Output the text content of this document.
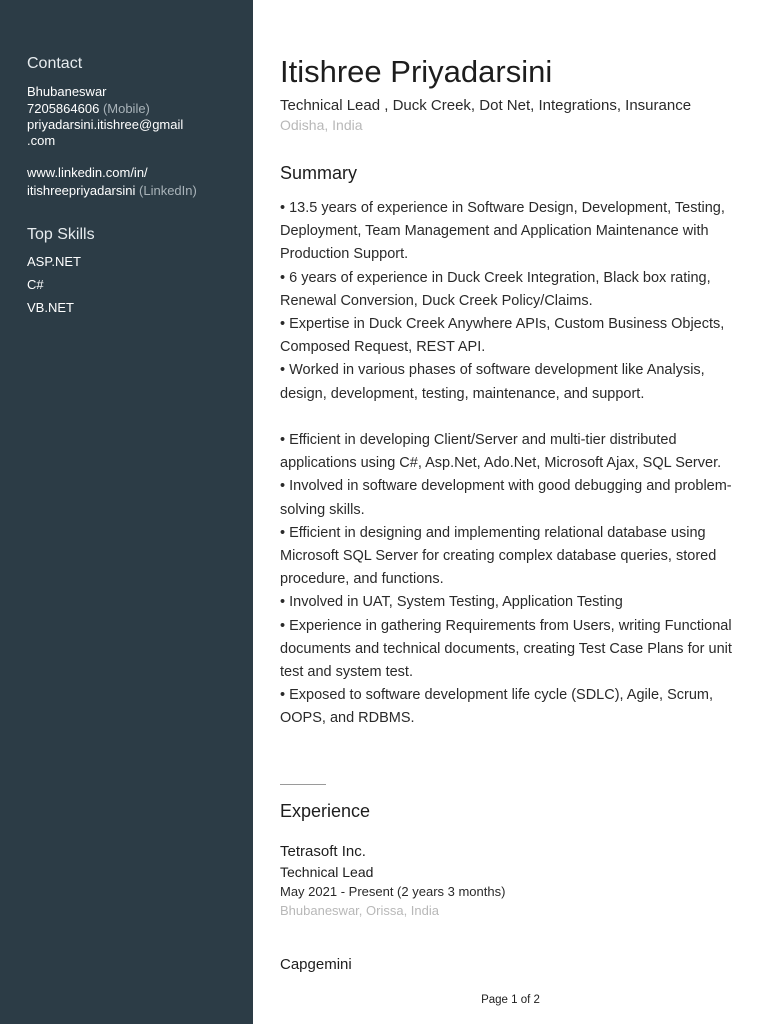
Contact
Bhubaneswar
7205864606 (Mobile)
priyadarsini.itishree@gmail
.com
www.linkedin.com/in/
itishreepriyadarsini (LinkedIn)
Top Skills
ASP.NET
C#
VB.NET
Itishree Priyadarsini
Technical Lead , Duck Creek, Dot Net, Integrations, Insurance
Odisha, India
Summary

• 13.5 years of experience in Software Design, Development, Testing, Deployment, Team Management and Application Maintenance with Production Support.

• 6 years of experience in Duck Creek Integration, Black box rating, Renewal Conversion, Duck Creek Policy/Claims.

• Expertise in Duck Creek Anywhere APIs, Custom Business Objects, Composed Request, REST API.

• Worked in various phases of software development like Analysis, design, development, testing, maintenance, and support.

• Efficient in developing Client/Server and multi-tier distributed applications using C#, Asp.Net, Ado.Net, Microsoft Ajax, SQL Server.

• Involved in software development with good debugging and problem-solving skills.

• Efficient in designing and implementing relational database using Microsoft SQL Server for creating complex database queries, stored procedure, and functions.

• Involved in UAT, System Testing, Application Testing

• Experience in gathering Requirements from Users, writing Functional documents and technical documents, creating Test Case Plans for unit test and system test.

• Exposed to software development life cycle (SDLC), Agile, Scrum, OOPS, and RDBMS.

Experience
Tetrasoft Inc.
Technical Lead
May 2021 - Present (2 years 3 months)
Bhubaneswar, Orissa, India
Capgemini
Page 1 of 2
